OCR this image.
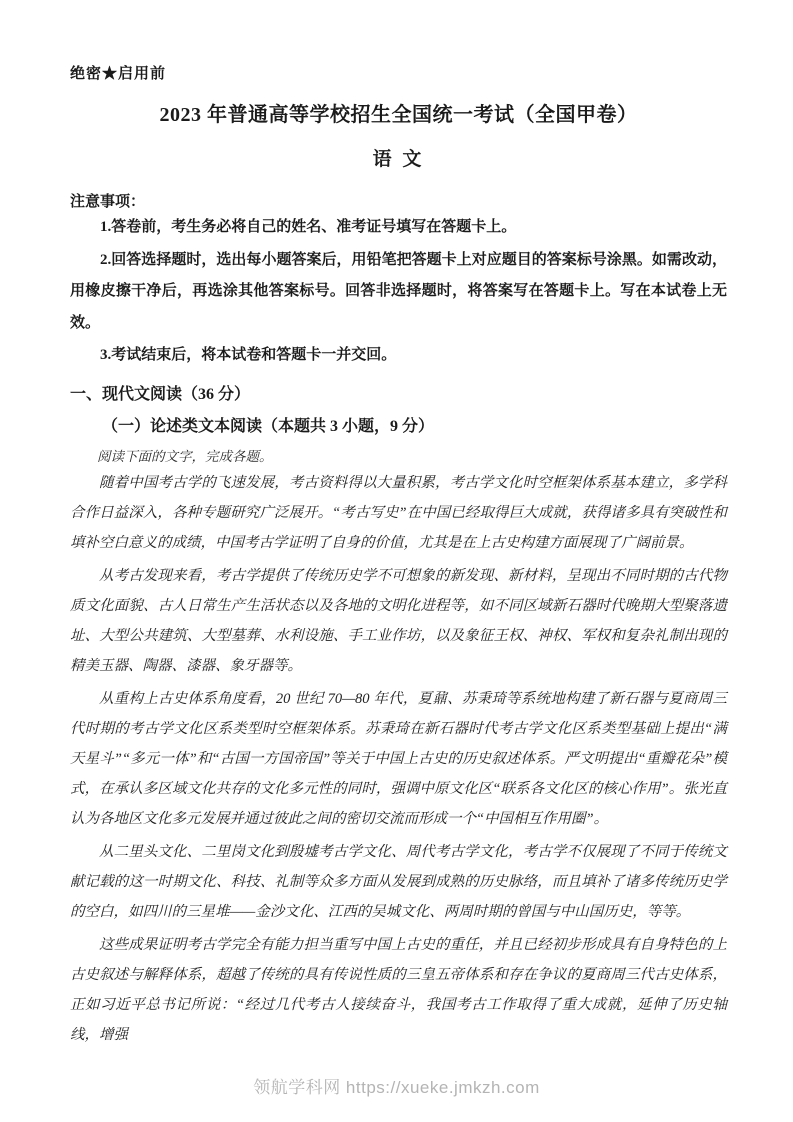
绝密★启用前
2023 年普通高等学校招生全国统一考试（全国甲卷）
语 文
注意事项：

1.答卷前，考生务必将自己的姓名、准考证号填写在答题卡上。

2.回答选择题时，选出每小题答案后，用铅笔把答题卡上对应题目的答案标号涂黑。如需改动，用橡皮擦干净后，再选涂其他答案标号。回答非选择题时，将答案写在答题卡上。写在本试卷上无效。

3.考试结束后，将本试卷和答题卡一并交回。

一、现代文阅读（36 分）
（一）论述类文本阅读（本题共 3 小题，9 分）
阅读下面的文字，完成各题。

随着中国考古学的飞速发展，考古资料得以大量积累，考古学文化时空框架体系基本建立，多学科合作日益深入，各种专题研究广泛展开。“考古写史”在中国已经取得巨大成就，获得诸多具有突破性和填补空白意义的成绩，中国考古学证明了自身的价值，尤其是在上古史构建方面展现了广阔前景。

从考古发现来看，考古学提供了传统历史学不可想象的新发现、新材料，呈现出不同时期的古代物质文化面貌、古人日常生产生活状态以及各地的文明化进程等，如不同区域新石器时代晚期大型聚落遗址、大型公共建筑、大型墓葬、水利设施、手工业作坊，以及象征王权、神权、军权和复杂礼制出现的精美玉器、陶器、漆器、象牙器等。

从重构上古史体系角度看，20 世纪 70—80 年代，夏鼐、苏秉琦等系统地构建了新石器与夏商周三代时期的考古学文化区系类型时空框架体系。苏秉琦在新石器时代考古学文化区系类型基础上提出“满天星斗”“多元一体”和“古国一方国帝国”等关于中国上古史的历史叙述体系。严文明提出“重瓣花朵”模式，在承认多区域文化共存的文化多元性的同时，强调中原文化区“联系各文化区的核心作用”。张光直认为各地区文化多元发展并通过彼此之间的密切交流而形成一个“中国相互作用圈”。

从二里头文化、二里岗文化到殷墟考古学文化、周代考古学文化，考古学不仅展现了不同于传统文献记载的这一时期文化、科技、礼制等众多方面从发展到成熟的历史脉络，而且填补了诸多传统历史学的空白，如四川的三星堆——金沙文化、江西的吴城文化、两周时期的曾国与中山国历史，等等。

这些成果证明考古学完全有能力担当重写中国上古史的重任，并且已经初步形成具有自身特色的上古史叙述与解释体系，超越了传统的具有传说性质的三皇五帝体系和存在争议的夏商周三代古史体系，正如习近平总书记所说：“经过几代考古人接续奋斗，我国考古工作取得了重大成就，延伸了历史轴线，增强

领航学科网 https://xueke.jmkzh.com
